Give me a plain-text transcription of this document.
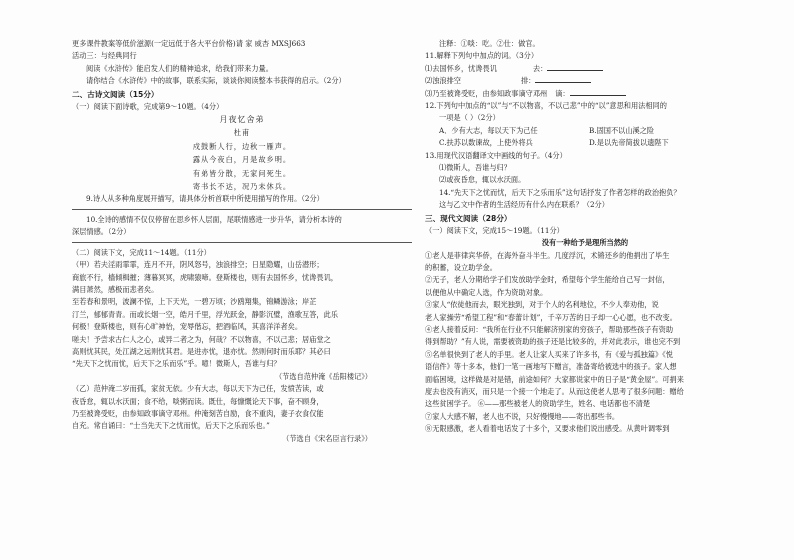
更多课件教案等低价滋源(一定远低于各大平台价格)请 家 威杏 MXSJ663
活动三：与经典同行
阅读《水浒传》能启发人们的精神追求，给我们带来力量。
请你结合《水浒传》中的故事，联系实际，谈谈你阅读整本书获得的启示。（2分）
二、古诗文阅读（15分）
（一）阅读下面诗歌，完成第9～10题。（4分）
月夜忆舍弟
杜甫
戍鼓断人行，边秋一雁声。
露从今夜白，月是故乡明。
有弟皆分散，无家问死生。
寄书长不达，况乃未休兵。
9.诗人从多种角度展开描写，请具体分析首联中所使用描写的作用。（2分）
10.全诗的感情不仅仅停留在思乡怀人层面，尾联情感进一步升华，请分析本诗的
深层情感。（2分）
（二）阅读下文，完成11～14题。（11分）
（甲）若夫淫雨霏霏，连月不开，阴风怒号，浊浪排空；日星隐耀，山岳潜形；
商旅不行，樯倾楫摧；薄暮冥冥，虎啸猿啼。登斯楼也，则有去国怀乡，忧谗畏讥，
满目萧然，感极而悲者矣。
至若春和景明，波澜不惊，上下天光，一碧万顷；沙鸥翔集，锦鳞游泳；岸芷
汀兰，郁郁青青。而或长烟一空，皓月千里，浮光跃金，静影沉璧，渔歌互答，此乐
何极！登斯楼也，则有心旷神怡，宠辱偕忘，把酒临风，其喜洋洋者矣。
嗟夫！予尝求古仁人之心，或异二者之为，何哉？不以物喜，不以己悲；居庙堂之
高则忧其民，处江湖之远则忧其君。是进亦忧，退亦忧。然则何时而乐耶？其必曰
“先天下之忧而忧，后天下之乐而乐”乎。噫！微斯人，吾谁与归？
（节选自范仲淹《岳阳楼记》）
（乙）范仲淹二岁而孤，家贫无依。少有大志，每以天下为己任，发愤苦读，或
夜昏怠，辄以水沃面；食不给，啖粥而读。既仕，每慷慨论天下事，奋不顾身，
乃至被谗受贬，由参知政事谪守邓州。仲淹刻苦自励，食不重肉，妻子衣食仅能
自充。常自诵曰：“士当先天下之忧而忧，后天下之乐而乐也。”
（节选自《宋名臣言行录》）
注释：①啖：吃。②仕：做官。
11.解释下列句中加点的词。（3分）
⑴去国怀乡，忧谗畏讥	去：
⑵浊浪排空	排：
⑶乃至被谗受贬，由参知政事谪守邓州 谪：
12.下列句中加点的“以”与“不以物喜，不以己悲”中的“以”意思和用法相同的
一项是（ ）（2分）
A．少有大志，每以天下为己任	B.固国不以山溪之险
C.扶苏以数谏故，上使外将兵	D.是以先帝简拔以遗陛下
13.用现代汉语翻译文中画线的句子。（4分）
⑴微斯人，吾谁与归？
⑵或夜昏怠，辄以水沃面。
14.“先天下之忧而忧，后天下之乐而乐”这句话抒发了作者怎样的政治抱负？
这与乙文中作者的生活经历有什么内在联系？（2分）
三、现代文阅读（28分）
（一）阅读下文，完成15～19题。（11分）
没有一种给予是理所当然的
①老人是菲律宾华侨，在海外奋斗半生。几度浮沉，术锵还乡的他捐出了毕生
的积蓄，设立助学金。
②无子，老人分期给学子们发放助学金时，希望每个学生能给自己写一封信，
以便他从中确定人选，作为资助对象。
③家人“依徒他而去，眼光独到，对于个人的名利地位，不少人奉劝他，说
老人家操劳“希望工程”和“春蕾计划”，千辛万苦的日子却一心心愿，也不改变。
④老人接着反问：“我所在行业不只能解济别家的穷孩子，帮助那些孩子有资助
得到帮助？”有人说，需要被资助的孩子还是比较多的，并对此表示，谁也完不到
⑤名单很快到了老人的手里。老人让家人买来了许多书，有《爱与孤独篇》《悦
语信件》等十多本，他们一笔一画地写下赠言，准备寄给被选中的孩子。家人想
面临困境，这样做是对是错，前途如何？大家都说家中的日子是“黄金屋”。可捐来
度去也没有消灭，而只是一个接一个地走了。从而这使老人思考了很多问题：赠给
这些贫困学子。 ⑥——那些被老人的资助学生，姓名、电话都也不清楚
⑦家人大感不解，老人也不说，只好慢慢地——寄出那些书。
⑧无限感激，老人看着电话发了十多个，又要求他们说出感受。从黄叶调零到
